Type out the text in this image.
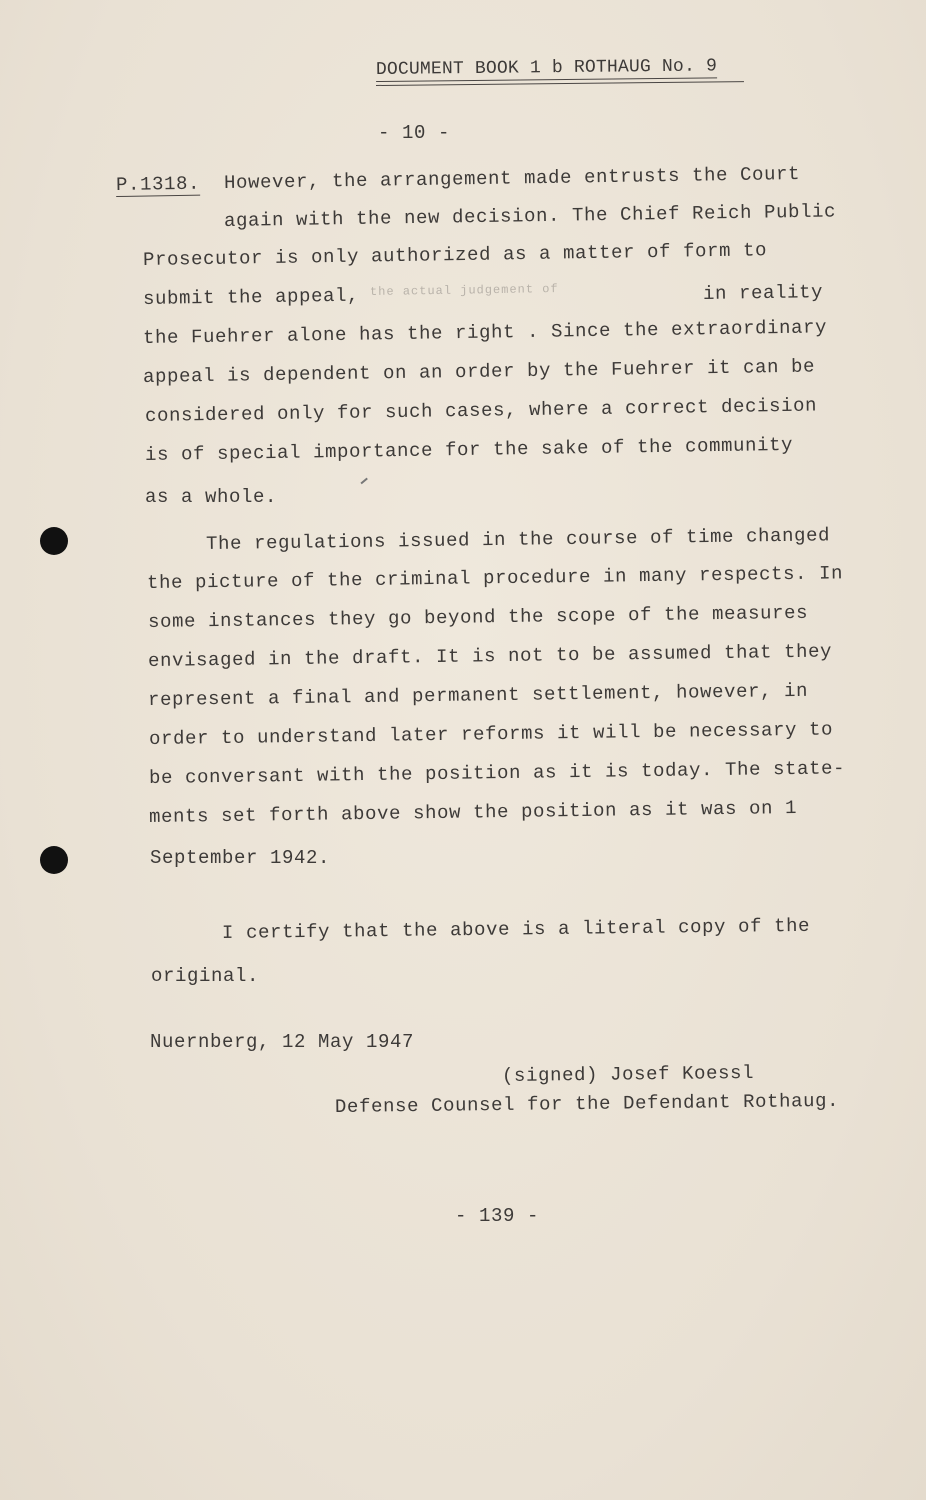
DOCUMENT BOOK 1 b ROTHAUG No. 9
- 10 -
P.1318. However, the arrangement made entrusts the Court
again with the new decision. The Chief Reich Public
Prosecutor is only authorized as a matter of form to
submit the appeal, the actual judgement of	in reality
the Fuehrer alone has the right . Since the extraordinary
appeal is dependent on an order by the Fuehrer it can be
considered only for such cases, where a correct decision
is of special importance for the sake of the community
as a whole.
The regulations issued in the course of time changed
the picture of the criminal procedure in many respects. In
some instances they go beyond the scope of the measures
envisaged in the draft. It is not to be assumed that they
represent a final and permanent settlement, however, in
order to understand later reforms it will be necessary to
be conversant with the position as it is today. The state-
ments set forth above show the position as it was on 1
September 1942.
I certify that the above is a literal copy of the
original.
Nuernberg, 12 May 1947
(signed) Josef Koessl
Defense Counsel for the Defendant Rothaug.
- 139 -
